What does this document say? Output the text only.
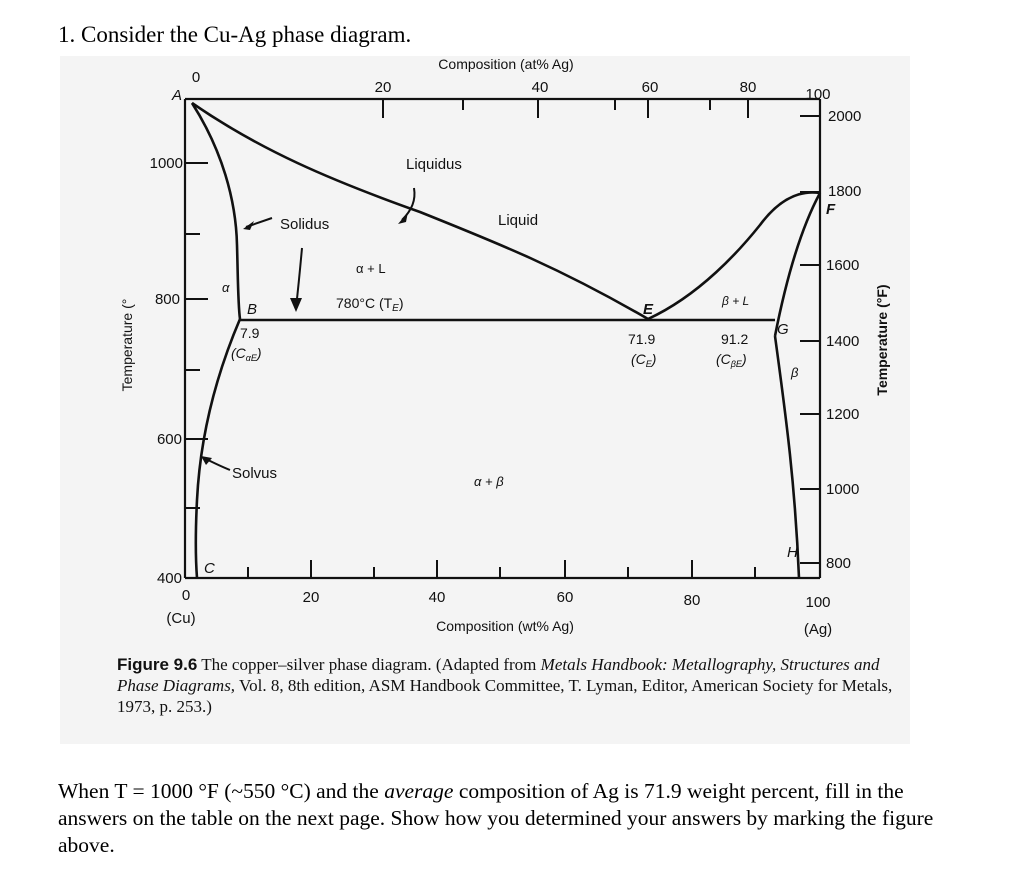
1. Consider the Cu-Ag phase diagram.
Composition (at% Ag)
Composition (wt% Ag)
Temperature (°	Temperature (°F)
0
20	40	60	80	100
0	20	40	60	80	100
(Cu)
(Ag)
1000
800
600
400
2000
1800
1600
1400
1200
1000
800
A
B
C
E
F
G
H
Liquidus
Liquid
Solidus
Solvus
α
β
α + L
β + L
α + β
780°C $(T_E)$
7.9
$(C_{\alpha E})$
71.9
$(C_E)$
91.2
$(C_{\beta E})$
Figure 9.6 The copper–silver phase diagram. (Adapted from Metals Handbook: Metallography, Structures and Phase Diagrams, Vol. 8, 8th edition, ASM Handbook Committee, T. Lyman, Editor, American Society for Metals, 1973, p. 253.)
When T = 1000 °F (~550 °C) and the average composition of Ag is 71.9 weight percent, fill in the answers on the table on the next page. Show how you determined your answers by marking the figure above.
